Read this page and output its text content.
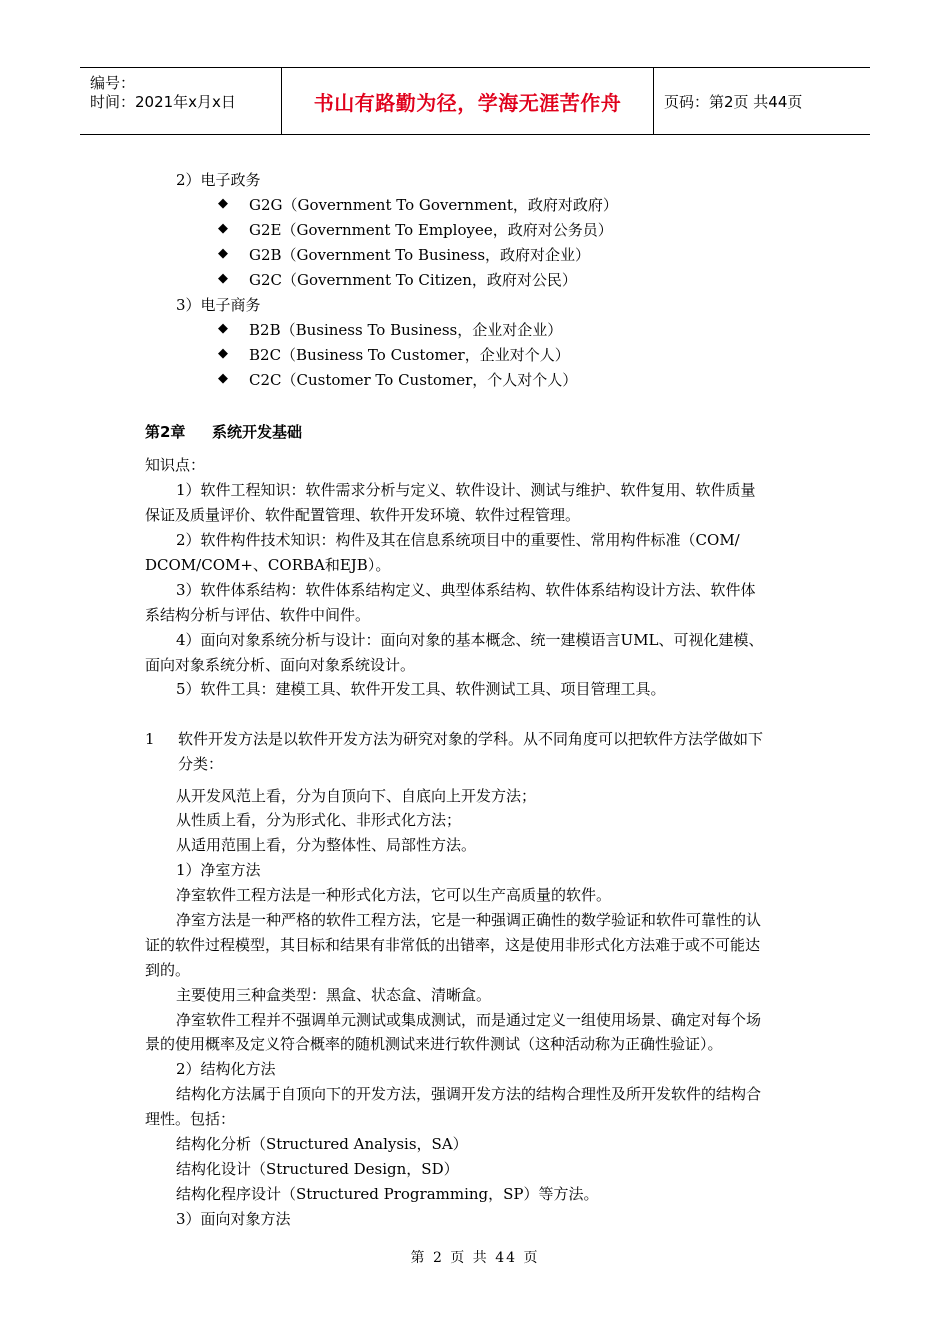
编号：
时间：2021年x月x日	书山有路勤为径，学海无涯苦作舟	页码：第2页 共44页
2）电子政务
◆ G2G（Government To Government，政府对政府）
◆ G2E（Government To Employee，政府对公务员）
◆ G2B（Government To Business，政府对企业）
◆ G2C（Government To Citizen，政府对公民）
3）电子商务
◆ B2B（Business To Business，企业对企业）
◆ B2C（Business To Customer，企业对个人）
◆ C2C（Customer To Customer，个人对个人）
第2章 系统开发基础
知识点：
1）软件工程知识：软件需求分析与定义、软件设计、测试与维护、软件复用、软件质量
保证及质量评价、软件配置管理、软件开发环境、软件过程管理。
2）软件构件技术知识：构件及其在信息系统项目中的重要性、常用构件标准（COM/
DCOM/COM+、CORBA和EJB）。
3）软件体系结构：软件体系结构定义、典型体系结构、软件体系结构设计方法、软件体
系结构分析与评估、软件中间件。
4）面向对象系统分析与设计：面向对象的基本概念、统一建模语言UML、可视化建模、
面向对象系统分析、面向对象系统设计。
5）软件工具：建模工具、软件开发工具、软件测试工具、项目管理工具。
1 软件开发方法是以软件开发方法为研究对象的学科。从不同角度可以把软件方法学做如下
分类：
从开发风范上看，分为自顶向下、自底向上开发方法；
从性质上看，分为形式化、非形式化方法；
从适用范围上看，分为整体性、局部性方法。
1）净室方法
净室软件工程方法是一种形式化方法，它可以生产高质量的软件。
净室方法是一种严格的软件工程方法，它是一种强调正确性的数学验证和软件可靠性的认
证的软件过程模型，其目标和结果有非常低的出错率，这是使用非形式化方法难于或不可能达
到的。
主要使用三种盒类型：黑盒、状态盒、清晰盒。
净室软件工程并不强调单元测试或集成测试，而是通过定义一组使用场景、确定对每个场
景的使用概率及定义符合概率的随机测试来进行软件测试（这种活动称为正确性验证）。
2）结构化方法
结构化方法属于自顶向下的开发方法，强调开发方法的结构合理性及所开发软件的结构合
理性。包括：
结构化分析（Structured Analysis，SA）
结构化设计（Structured Design，SD）
结构化程序设计（Structured Programming，SP）等方法。
3）面向对象方法
第 2 页 共 44 页
